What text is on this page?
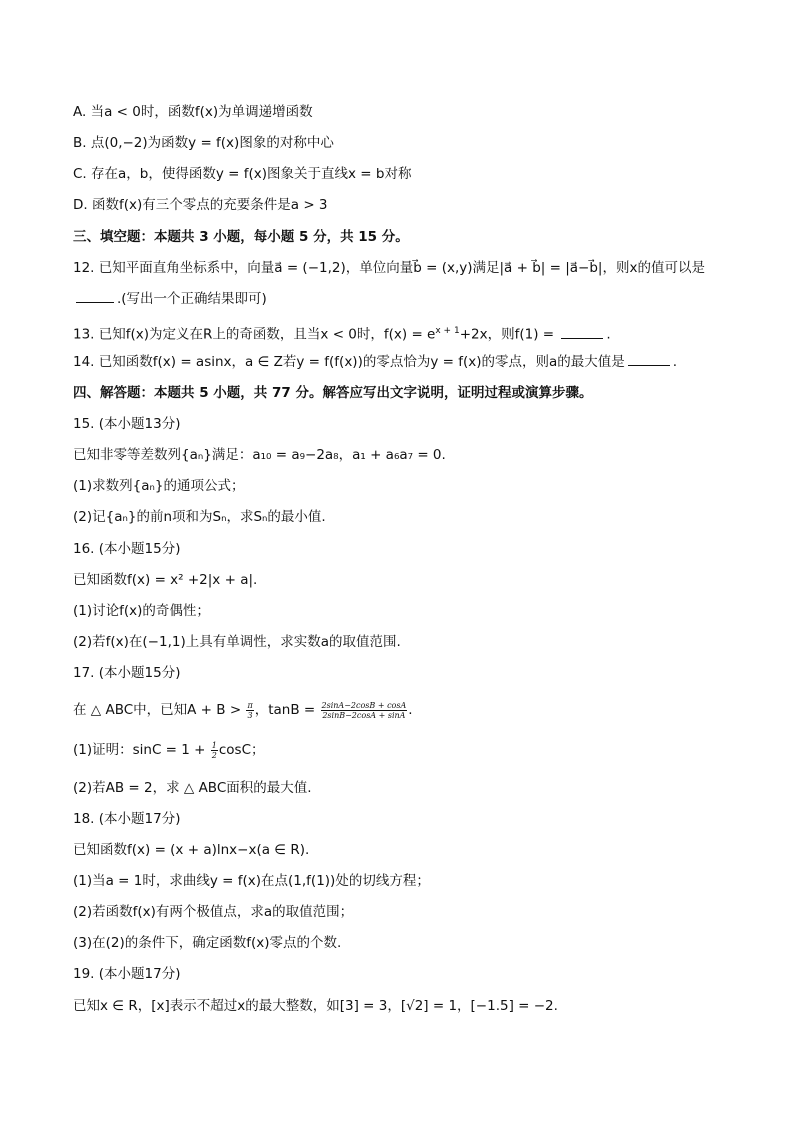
A. 当a < 0时，函数f(x)为单调递增函数
B. 点(0,−2)为函数y = f(x)图象的对称中心
C. 存在a，b，使得函数y = f(x)图象关于直线x = b对称
D. 函数f(x)有三个零点的充要条件是a > 3
三、填空题：本题共 3 小题，每小题 5 分，共 15 分。
12. 已知平面直角坐标系中，向量a⃗ = (−1,2)，单位向量b⃗ = (x,y)满足|a⃗ + b⃗| = |a⃗−b⃗|，则x的值可以是
.(写出一个正确结果即可)
13. 已知f(x)为定义在R上的奇函数，且当x < 0时，$f(x) = e^{x + 1}+2x$，则f(1) =	.
14. 已知函数f(x) = asinx，a ∈ Z若y = f(f(x))的零点恰为y = f(x)的零点，则a的最大值是	.
四、解答题：本题共 5 小题，共 77 分。解答应写出文字说明，证明过程或演算步骤。
15. (本小题13分)
已知非零等差数列{aₙ}满足：a₁₀ = a₉−2a₈，a₁ + a₆a₇ = 0.
(1)求数列{aₙ}的通项公式；
(2)记{aₙ}的前n项和为Sₙ，求Sₙ的最小值.
16. (本小题15分)
已知函数f(x) = x² +2|x + a|.
(1)讨论f(x)的奇偶性；
(2)若f(x)在(−1,1)上具有单调性，求实数a的取值范围.
17. (本小题15分)
在 △ ABC中，已知$A + B > \frac{\pi}{3}$ ，$\tan B = \frac{2\sin A-2\cos B + \cos A}{2\sin B-2\cos A + \sin A}$ .
(1)证明：$\sin C = 1 + \frac{1}{2}$ cosC；
(2)若AB = 2，求 △ ABC面积的最大值.
18. (本小题17分)
已知函数f(x) = (x + a)lnx−x(a ∈ R).
(1)当a = 1时，求曲线y = f(x)在点(1,f(1))处的切线方程；
(2)若函数f(x)有两个极值点，求a的取值范围；
(3)在(2)的条件下，确定函数f(x)零点的个数.
19. (本小题17分)
已知x ∈ R，[x]表示不超过x的最大整数，如[3] = 3，[√2] = 1，[−1.5] = −2.
